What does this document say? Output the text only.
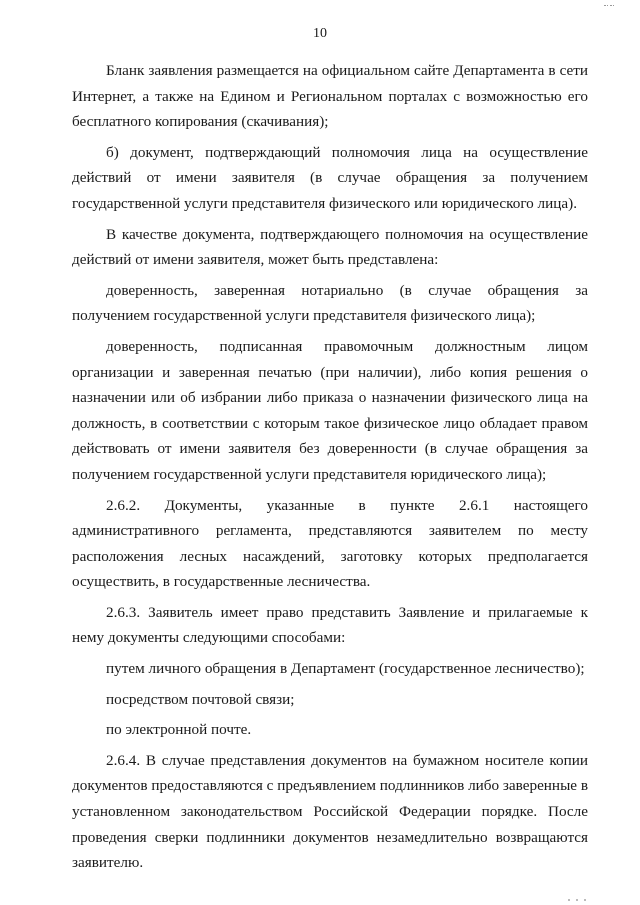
10

Бланк заявления размещается на официальном сайте Департамента в сети Интернет, а также на Едином и Региональном порталах с возможностью его бесплатного копирования (скачивания);

б) документ, подтверждающий полномочия лица на осуществление действий от имени заявителя (в случае обращения за получением государственной услуги представителя физического или юридического лица).

В качестве документа, подтверждающего полномочия на осуществление действий от имени заявителя, может быть представлена:

доверенность, заверенная нотариально (в случае обращения за получением государственной услуги представителя физического лица);

доверенность, подписанная правомочным должностным лицом организации и заверенная печатью (при наличии), либо копия решения о назначении или об избрании либо приказа о назначении физического лица на должность, в соответствии с которым такое физическое лицо обладает правом действовать от имени заявителя без доверенности (в случае обращения за получением государственной услуги представителя юридического лица);

2.6.2. Документы, указанные в пункте 2.6.1 настоящего административного регламента, представляются заявителем по месту расположения лесных насаждений, заготовку которых предполагается осуществить, в государственные лесничества.

2.6.3. Заявитель имеет право представить Заявление и прилагаемые к нему документы следующими способами:

путем личного обращения в Департамент (государственное лесничество);

посредством почтовой связи;

по электронной почте.

2.6.4. В случае представления документов на бумажном носителе копии документов предоставляются с предъявлением подлинников либо заверенные в установленном законодательством Российской Федерации порядке. После проведения сверки подлинники документов незамедлительно возвращаются заявителю.
